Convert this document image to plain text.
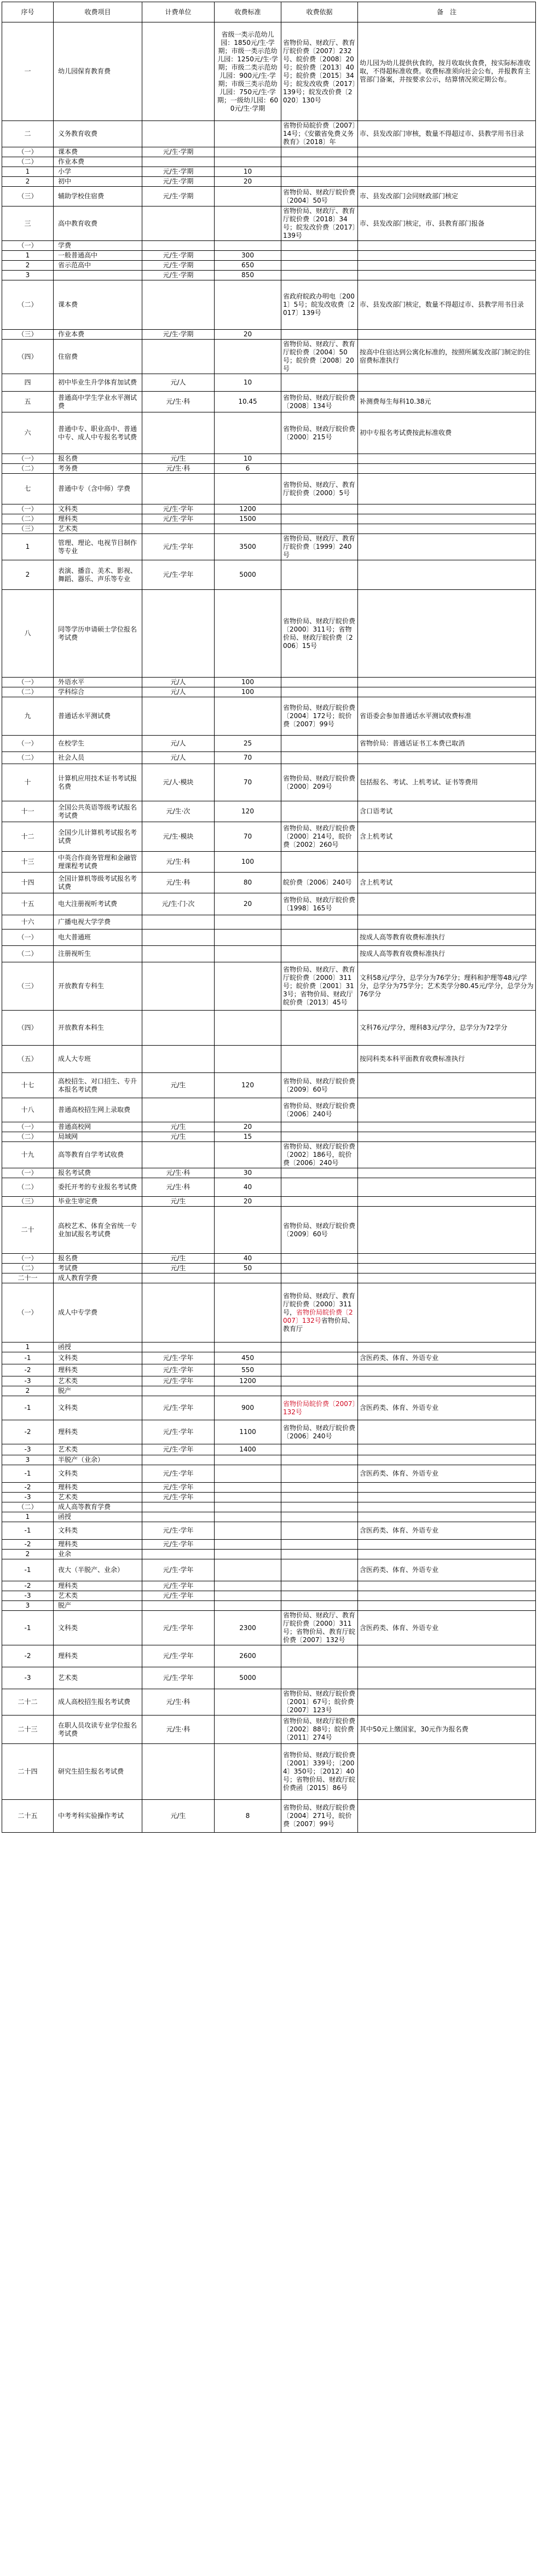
序号	收费项目	计费单位	收费标准	收费依据	备　注
一	幼儿园保育教育费		省级一类示范幼儿园：1850元/生·学期；市级一类示范幼儿园：1250元/生·学期；市级二类示范幼儿园：900元/生·学期；市级三类示范幼儿园：750元/生·学期；一级幼儿园：600元/生·学期	省物价局、财政厅、教育厅皖价费〔2007〕232号、皖价费〔2008〕20号；皖价费〔2013〕40号；皖价费〔2015〕34号；皖发改收费〔2017〕139号；皖发改价费〔2020〕130号	幼儿园为幼儿提供伙食的，按月收取伙食费，按实际标准收取，不得超标准收费。收费标准须向社会公布，并报教育主管部门备案，并按要求公示，结算情况须定期公布。
二	义务教育收费			省物价局皖价费〔2007〕14号；《安徽省免费义务教育》〔2018〕年	市、县发改部门审核，数量不得超过市、县教学用书目录
（一）	课本费	元/生·学期			
（二）	作业本费				
1	小学	元/生·学期	10		
2	初中	元/生·学期	20		
（三）	辅助学校住宿费	元/生·学期		省物价局、财政厅皖价费〔2004〕50号	市、县发改部门会同财政部门核定
三	高中教育收费			省物价局、财政厅、教育厅皖价费〔2018〕34号；皖发改价费〔2017〕139号	市、县发改部门核定，市、县教育部门报备
（一）	学费				
1	一般普通高中	元/生·学期	300		
2	省示范高中	元/生·学期	650		
3		元/生·学期	850		
（二）	课本费			省政府皖政办明电〔2001〕5号；皖发改收费〔2017〕139号	市、县发改部门核定，数量不得超过市、县教学用书目录
（三）	作业本费	元/生·学期	20		
（四）	住宿费			省物价局、财政厅、教育厅皖价费〔2004〕50号；皖价费〔2008〕20号	按高中住宿达到公寓化标准的，按照所属发改部门制定的住宿费标准执行
四	初中毕业生升学体育加试费	元/人	10		
五	普通高中学生学业水平测试费	元/生·科	10.45	省物价局、财政厅皖价费〔2008〕134号	补测费每生每科10.38元
六	普通中专、职业高中、普通中专、成人中专报名考试费			省物价局、财政厅皖价费〔2000〕215号	初中专报名考试费按此标准收费
（一）	报名费	元/生	10		
（二）	考务费	元/生·科	6		
七	普通中专（含中师）学费			省物价局、财政厅、教育厅皖价费〔2000〕5号	
（一）	文科类	元/生·学年	1200		
（二）	理科类	元/生·学年	1500		
（三）	艺术类				
1	管理、理论、电视节目制作等专业	元/生·学年	3500	省物价局、财政厅、教育厅皖价费〔1999〕240号	
2	表演、播音、美术、影视、舞蹈、器乐、声乐等专业	元/生·学年	5000		
八	同等学历申请硕士学位报名考试费			省物价局、财政厅皖价费〔2000〕311号；省物价局、财政厅皖价费〔2006〕15号	
（一）	外语水平	元/人	100		
（二）	学科综合	元/人	100		
九	普通话水平测试费			省物价局、财政厅皖价费〔2004〕172号；皖价费〔2007〕99号	省语委会参加普通话水平测试收费标准
（一）	在校学生	元/人	25		省物价局：普通话证书工本费已取消
（二）	社会人员	元/人	70		
十	计算机应用技术证书考试报名费	元/人·模块	70	省物价局、财政厅皖价费〔2000〕209号	包括报名、考试、上机考试、证书等费用
十一	全国公共英语等级考试报名考试费	元/生·次	120		含口语考试
十二	全国少儿计算机考试报名考试费	元/生·模块	70	省物价局、财政厅皖价费〔2000〕214号，皖价费〔2002〕260号	含上机考试
十三	中英合作商务管理和金融管理课程考试费	元/生·科	100		
十四	全国计算机等级考试报名考试费	元/生·科	80	皖价费〔2006〕240号	含上机考试
十五	电大注册视听考试费	元/生·门·次	20	省物价局、财政厅皖价费〔1998〕165号	
十六	广播电视大学学费				
（一）	电大普通班				按成人高等教育收费标准执行
（二）	注册视听生				按成人高等教育收费标准执行
（三）	开放教育专科生			省物价局、财政厅、教育厅皖价费〔2000〕311号；皖价费〔2001〕313号；省物价局、财政厅皖价费〔2013〕45号	文科58元/学分，总学分为76学分；理科和护理等48元/学分，总学分为75学分；艺术类学分80.45元/学分，总学分为76学分
（四）	开放教育本科生				文科76元/学分，理科83元/学分，总学分为72学分
（五）	成人大专班				按同科类本科平面教育收费标准执行
十七	高校招生、对口招生、专升本报名考试费	元/生	120	省物价局、财政厅皖价费〔2009〕60号	
十八	普通高校招生网上录取费			省物价局、财政厅皖价费〔2006〕240号	
（一）	普通高校网	元/生	20		
（二）	局域网	元/生	15		
十九	高等教育自学考试收费			省物价局、财政厅皖价费〔2002〕186号，皖价费〔2006〕240号	
（一）	报名考试费	元/生·科	30		
（二）	委托开考的专业报名考试费	元/生·科	40		
（三）	毕业生审定费	元/生	20		
二十	高校艺术、体育全省统一专业加试报名考试费			省物价局、财政厅皖价费〔2009〕60号	
（一）	报名费	元/生	40		
（二）	考试费	元/生	50		
二十一	成人教育学费				
（一）	成人中专学费			省物价局、财政厅、教育厅皖价费〔2000〕311号，省物价局皖价费〔2007〕132号省物价局、教育厅	
1	函授				
-1	文科类	元/生·学年	450		含医药类、体育、外语专业
-2	理科类	元/生·学年	550		
-3	艺术类	元/生·学年	1200		
2	脱产				
-1	文科类	元/生·学年	900	省物价局皖价费〔2007〕132号	含医药类、体育、外语专业
-2	理科类	元/生·学年	1100	省物价局、财政厅皖价费〔2006〕240号	
-3	艺术类	元/生·学年	1400		
3	半脱产（业余）				
-1	文科类	元/生·学年			含医药类、体育、外语专业
-2	理科类	元/生·学年			
-3	艺术类	元/生·学年			
（二）	成人高等教育学费				
1	函授				
-1	文科类	元/生·学年			含医药类、体育、外语专业
-2	理科类	元/生·学年			
2	业余				
-1	夜大（半脱产、业余）	元/生·学年			含医药类、体育、外语专业
-2	理科类	元/生·学年			
-3	艺术类	元/生·学年			
3	脱产				
-1	文科类	元/生·学年	2300	省物价局、财政厅、教育厅皖价费〔2000〕311号；省物价局、教育厅皖价费〔2007〕132号	含医药类、体育、外语专业
-2	理科类	元/生·学年	2600		
-3	艺术类	元/生·学年	5000		
二十二	成人高校招生报名考试费	元/生·科		省物价局、财政厅皖价费〔2001〕67号；皖价费〔2007〕123号	
二十三	在职人员攻读专业学位报名考试费	元/生·科		省物价局、财政厅皖价费〔2002〕88号；皖价费〔2011〕274号	其中50元上缴国家，30元作为报名费
二十四	研究生招生报名考试费			省物价局、财政厅皖价费〔2001〕339号；〔2004〕350号；〔2012〕40号；省物价局、财政厅皖价费函〔2015〕86号	
二十五	中考考科实验操作考试	元/生	8	省物价局、财政厅皖价费〔2004〕271号，皖价费〔2007〕99号	
